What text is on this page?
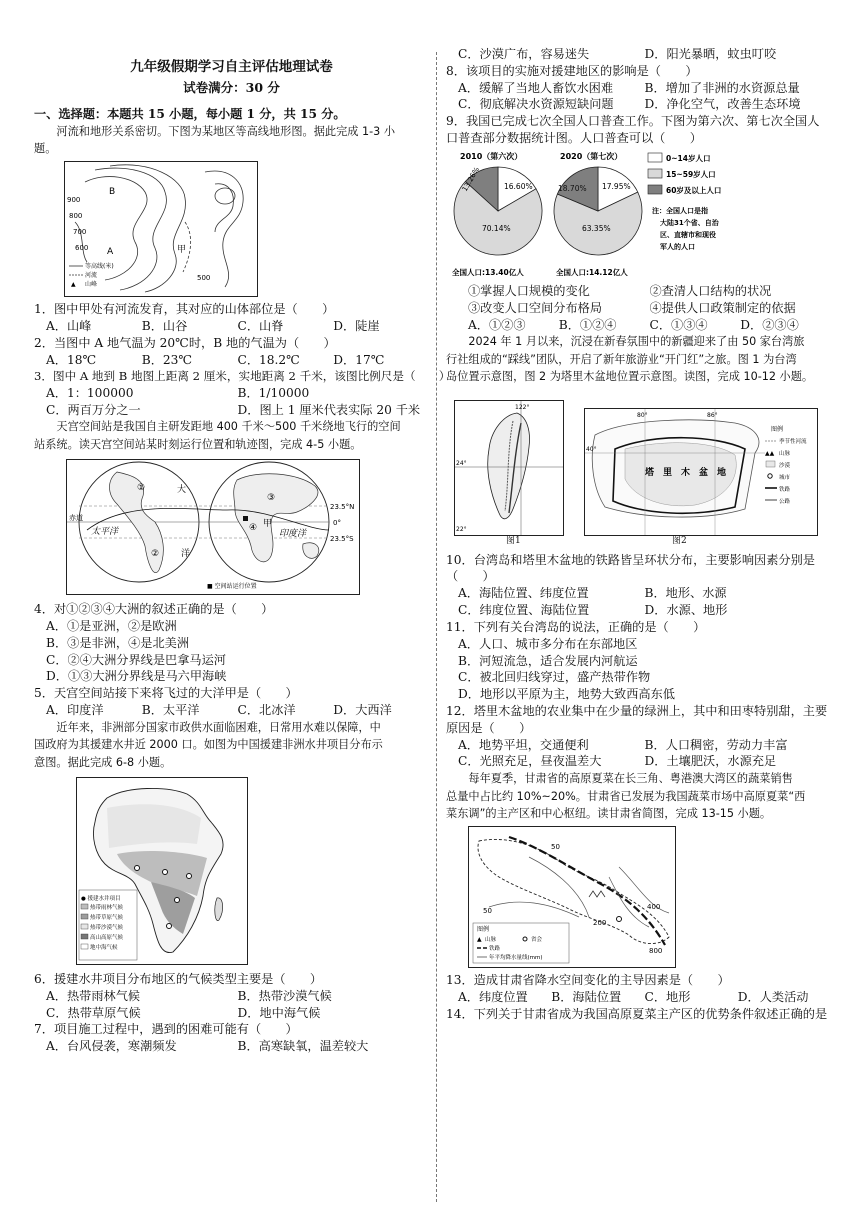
九年级假期学习自主评估地理试卷
试卷满分：30 分
一、选择题：本题共 15 小题，每小题 1 分，共 15 分。
河流和地形关系密切。下图为某地区等高线地形图。据此完成 1-3 小
题。
B
A	甲
900
800
700
600
500
等高线(米)
河流
▲ 山峰
1．图中甲处有河流发育，其对应的山体部位是（　　）
A．山峰	B．山谷	C．山脊	D．陡崖
2．当图中 A 地气温为 20℃时，B 地的气温为（　　）
A．18℃	B．23℃	C．18.2℃	D．17℃
3．图中 A 地到 B 地图上距离 2 厘米，实地距离 2 千米，该图比例尺是（　　）
A．1：100000	B．1/10000
C．两百万分之一	D．图上 1 厘米代表实际 20 千米
天宫空间站是我国自主研发距地 400 千米～500 千米绕地飞行的空间
站系统。读天宫空间站某时刻运行位置和轨迹图，完成 4-5 小题。
①
②
③
④
太平洋	印度洋
大
洋
甲
赤道
23.5°N
0°
23.5°S
■ 空间站运行位置
4．对①②③④大洲的叙述正确的是（　　）
A．①是亚洲，②是欧洲
B．③是非洲，④是北美洲
C．②④大洲分界线是巴拿马运河
D．①③大洲分界线是马六甲海峡
5．天宫空间站接下来将飞过的大洋甲是（　　）
A．印度洋	B．太平洋	C．北冰洋	D．大西洋
近年来，非洲部分国家市政供水面临困难，日常用水难以保障，中
国政府为其援建水井近 2000 口。如图为中国援建非洲水井项目分布示
意图。据此完成 6-8 小题。
● 援建水井项目
热带雨林气候
热带草原气候
热带沙漠气候
高山高原气候
地中海气候
6．援建水井项目分布地区的气候类型主要是（　　）
A．热带雨林气候	B．热带沙漠气候
C．热带草原气候	D．地中海气候
7．项目施工过程中，遇到的困难可能有（　　）
A．台风侵袭，寒潮频发	B．高寒缺氧，温差较大
C．沙漠广布，容易迷失	D．阳光暴晒，蚊虫叮咬
8．该项目的实施对援建地区的影响是（　　）
A．缓解了当地人畜饮水困难	B．增加了非洲的水资源总量
C．彻底解决水资源短缺问题	D．净化空气，改善生态环境
9．我国已完成七次全国人口普查工作。下图为第六次、第七次全国人
口普查部分数据统计图。人口普查可以（　　）
2010（第六次）	2020（第七次）
16.60%
70.14%
13.26%	17.95%
63.35%
18.70%
全国人口:13.40亿人	全国人口:14.12亿人
0~14岁人口
15~59岁人口
60岁及以上人口
注：全国人口是指
大陆31个省、自治
区、直辖市和现役
军人的人口
①掌握人口规模的变化	②查清人口结构的状况
③改变人口空间分布格局	④提供人口政策制定的依据
A．①②③	B．①②④	C．①③④	D．②③④
2024 年 1 月以来，沉浸在新春氛围中的新疆迎来了由 50 家台湾旅
行社组成的“踩线”团队，开启了新年旅游业“开门红”之旅。图 1 为台湾
岛位置示意图，图 2 为塔里木盆地位置示意图。读图，完成 10-12 小题。
122°
24°
22°
80°	86°
40°
塔 里 木 盆 地
图例
季节性河流
▲▲ 山脉
沙漠
城市
铁路
公路
图1	图2
10．台湾岛和塔里木盆地的铁路皆呈环状分布，主要影响因素分别是
（　　）
A．海陆位置、纬度位置	B．地形、水源
C．纬度位置、海陆位置	D．水源、地形
11．下列有关台湾岛的说法，正确的是（　　）
A．人口、城市多分布在东部地区
B．河短流急，适合发展内河航运
C．被北回归线穿过，盛产热带作物
D．地形以平原为主，地势大致西高东低
12．塔里木盆地的农业集中在少量的绿洲上，其中和田枣特别甜，主要
原因是（　　）
A．地势平坦，交通便利	B．人口稠密，劳动力丰富
C．光照充足，昼夜温差大	D．土壤肥沃，水源充足
每年夏季，甘肃省的高原夏菜在长三角、粤港澳大湾区的蔬菜销售
总量中占比约 10%~20%。甘肃省已发展为我国蔬菜市场中高原夏菜“西
菜东调”的主产区和中心枢纽。读甘肃省简图，完成 13-15 小题。
50
50
200
400
800
图例
▲ 山脉	省会
铁路
年平均降水量线(mm)
13．造成甘肃省降水空间变化的主导因素是（　　）
A．纬度位置	B．海陆位置	C．地形	D．人类活动
14．下列关于甘肃省成为我国高原夏菜主产区的优势条件叙述正确的是
